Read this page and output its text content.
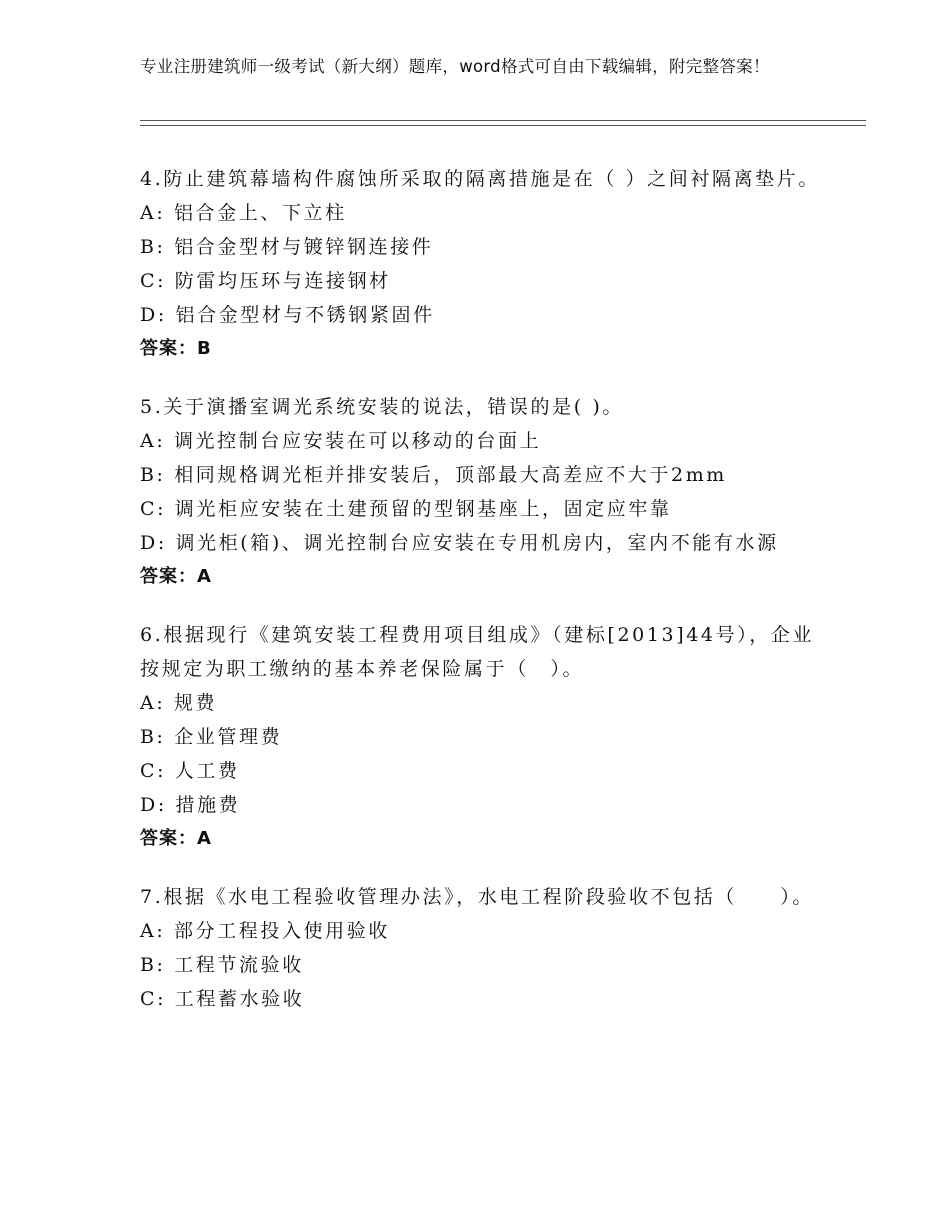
专业注册建筑师一级考试（新大纲）题库，word格式可自由下载编辑，附完整答案！
4.防止建筑幕墙构件腐蚀所采取的隔离措施是在（ ）之间衬隔离垫片。
A: 铝合金上、下立柱
B: 铝合金型材与镀锌钢连接件
C: 防雷均压环与连接钢材
D: 铝合金型材与不锈钢紧固件
答案：B
5.关于演播室调光系统安装的说法，错误的是( )。
A: 调光控制台应安装在可以移动的台面上
B: 相同规格调光柜并排安装后，顶部最大高差应不大于2mm
C: 调光柜应安装在土建预留的型钢基座上，固定应牢靠
D: 调光柜(箱)、调光控制台应安装在专用机房内，室内不能有水源
答案：A
6.根据现行《建筑安装工程费用项目组成》（建标[2013]44号），企业按规定为职工缴纳的基本养老保险属于（　）。
A: 规费
B: 企业管理费
C: 人工费
D: 措施费
答案：A
7.根据《水电工程验收管理办法》，水电工程阶段验收不包括（　　）。
A: 部分工程投入使用验收
B: 工程节流验收
C: 工程蓄水验收
